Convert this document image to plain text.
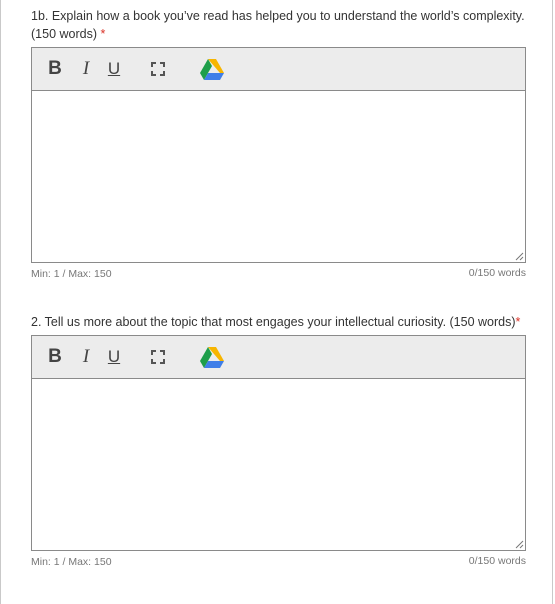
1b. Explain how a book you’ve read has helped you to understand the world’s complexity. (150 words) *

B	I	U
Min: 1 / Max: 150	0/150 words

2. Tell us more about the topic that most engages your intellectual curiosity. (150 words)*

B	I	U
Min: 1 / Max: 150	0/150 words
